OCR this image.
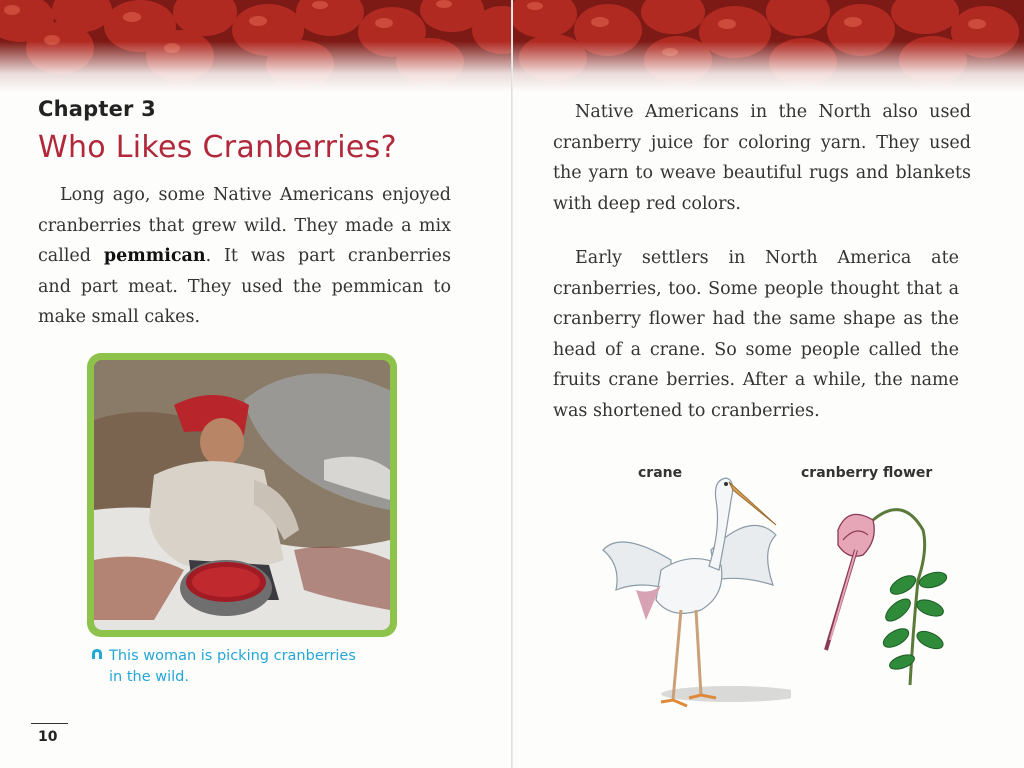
Chapter 3
Who Likes Cranberries?

Long ago, some Native Americans enjoyed cranberries that grew wild. They made a mix called pemmican. It was part cranberries and part meat. They used the pemmican to make small cakes.

This woman is picking cranberries
in the wild.
10

Native Americans in the North also used cranberry juice for coloring yarn. They used the yarn to weave beautiful rugs and blankets with deep red colors.

Early settlers in North America ate cranberries, too. Some people thought that a cranberry flower had the same shape as the head of a crane. So some people called the fruits crane berries. After a while, the name was shortened to cranberries.

crane	cranberry flower
